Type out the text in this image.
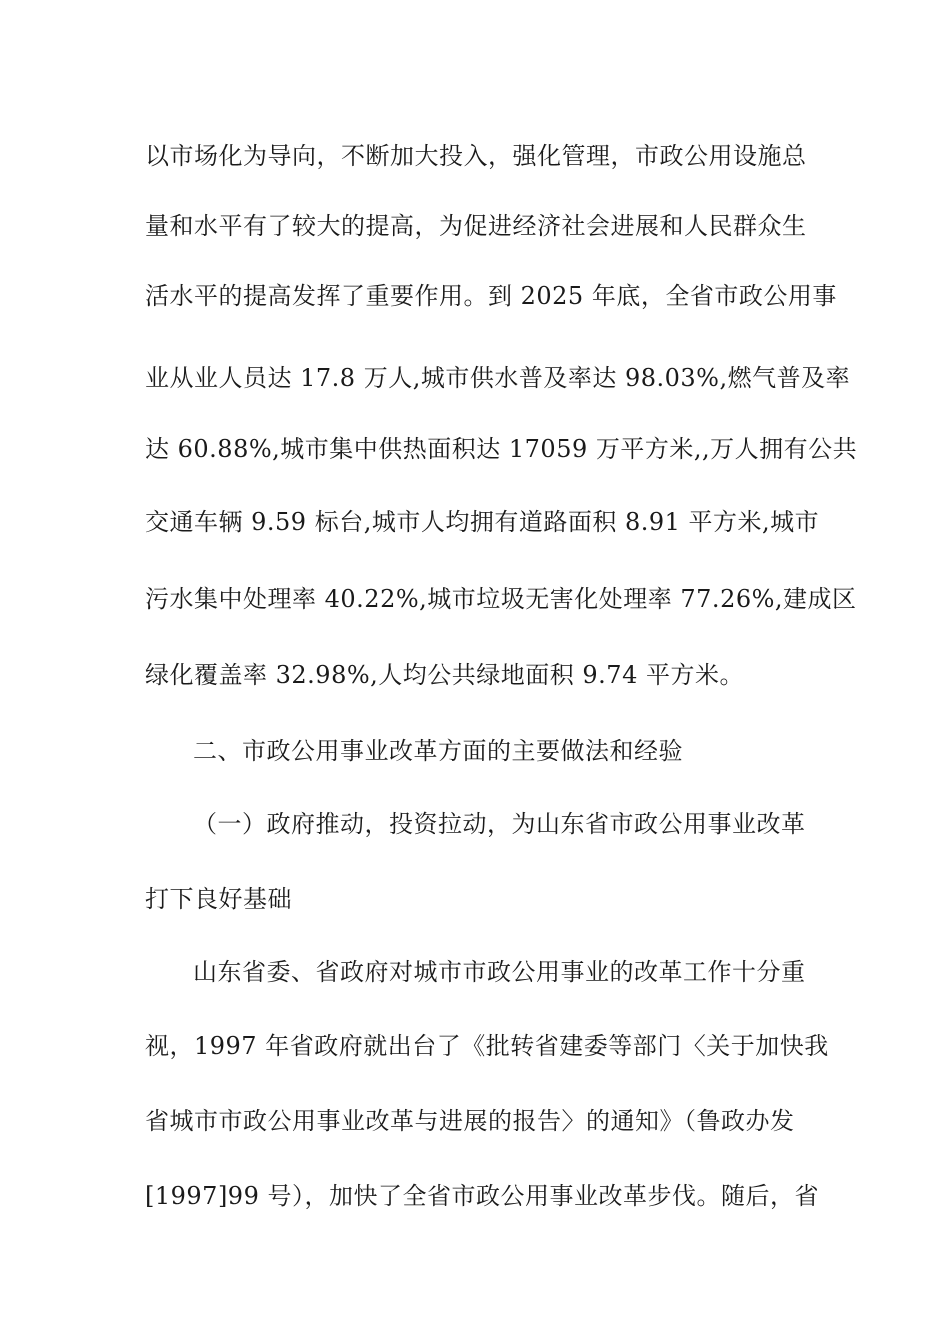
以市场化为导向，不断加大投入，强化管理，市政公用设施总
量和水平有了较大的提高，为促进经济社会进展和人民群众生
活水平的提高发挥了重要作用。到 2025 年底，全省市政公用事
业从业人员达 17.8 万人,城市供水普及率达 98.03%,燃气普及率
达 60.88%,城市集中供热面积达 17059 万平方米,,万人拥有公共
交通车辆 9.59 标台,城市人均拥有道路面积 8.91 平方米,城市
污水集中处理率 40.22%,城市垃圾无害化处理率 77.26%,建成区
绿化覆盖率 32.98%,人均公共绿地面积 9.74 平方米。
二、市政公用事业改革方面的主要做法和经验
（一）政府推动，投资拉动，为山东省市政公用事业改革
打下良好基础
山东省委、省政府对城市市政公用事业的改革工作十分重
视，1997 年省政府就出台了《批转省建委等部门〈关于加快我
省城市市政公用事业改革与进展的报告〉的通知》（鲁政办发
[1997]99 号），加快了全省市政公用事业改革步伐。随后，省
